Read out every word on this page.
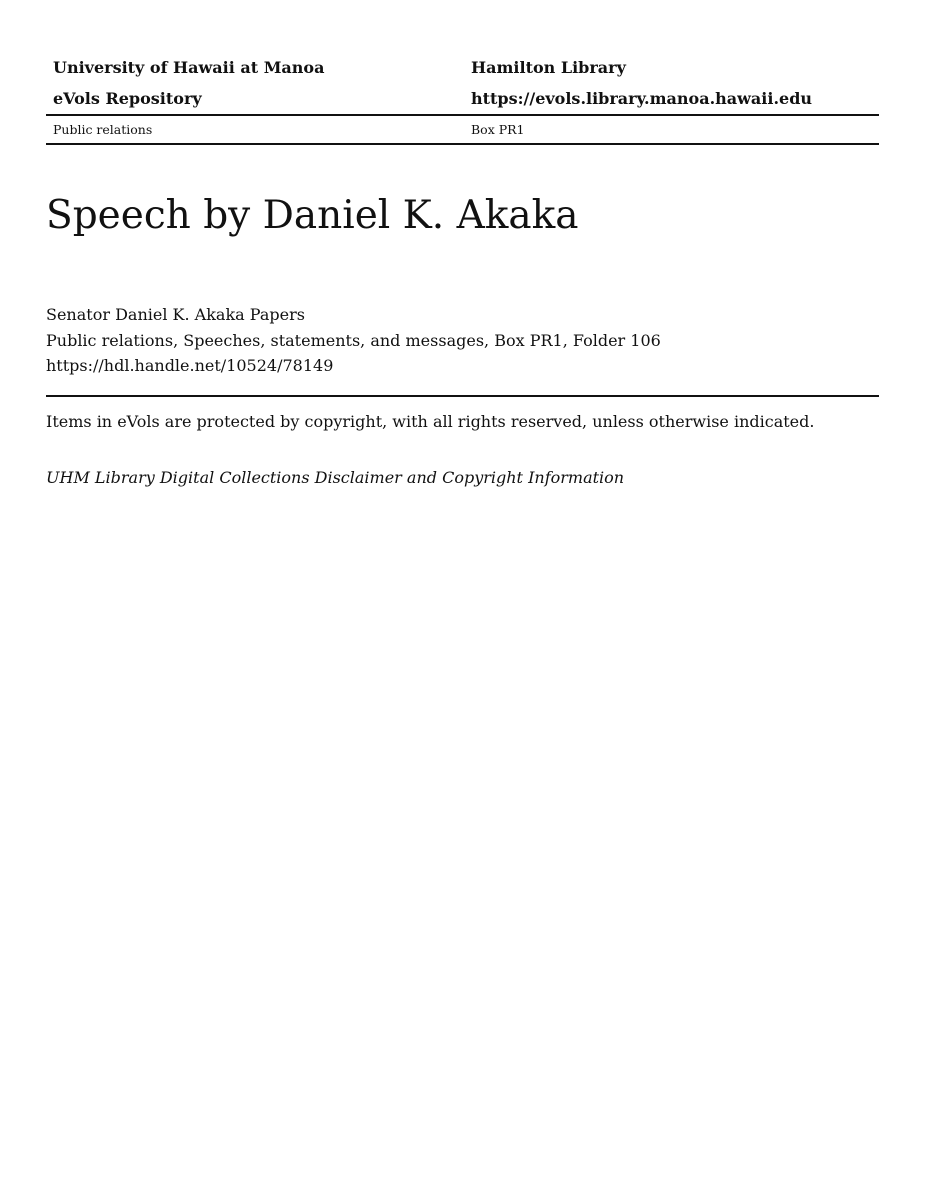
University of Hawaii at Manoa	Hamilton Library
eVols Repository	https://evols.library.manoa.hawaii.edu
Public relations	Box PR1
Speech by Daniel K. Akaka
Senator Daniel K. Akaka Papers
Public relations, Speeches, statements, and messages, Box PR1, Folder 106
https://hdl.handle.net/10524/78149
Items in eVols are protected by copyright, with all rights reserved, unless otherwise indicated.
UHM Library Digital Collections Disclaimer and Copyright Information
